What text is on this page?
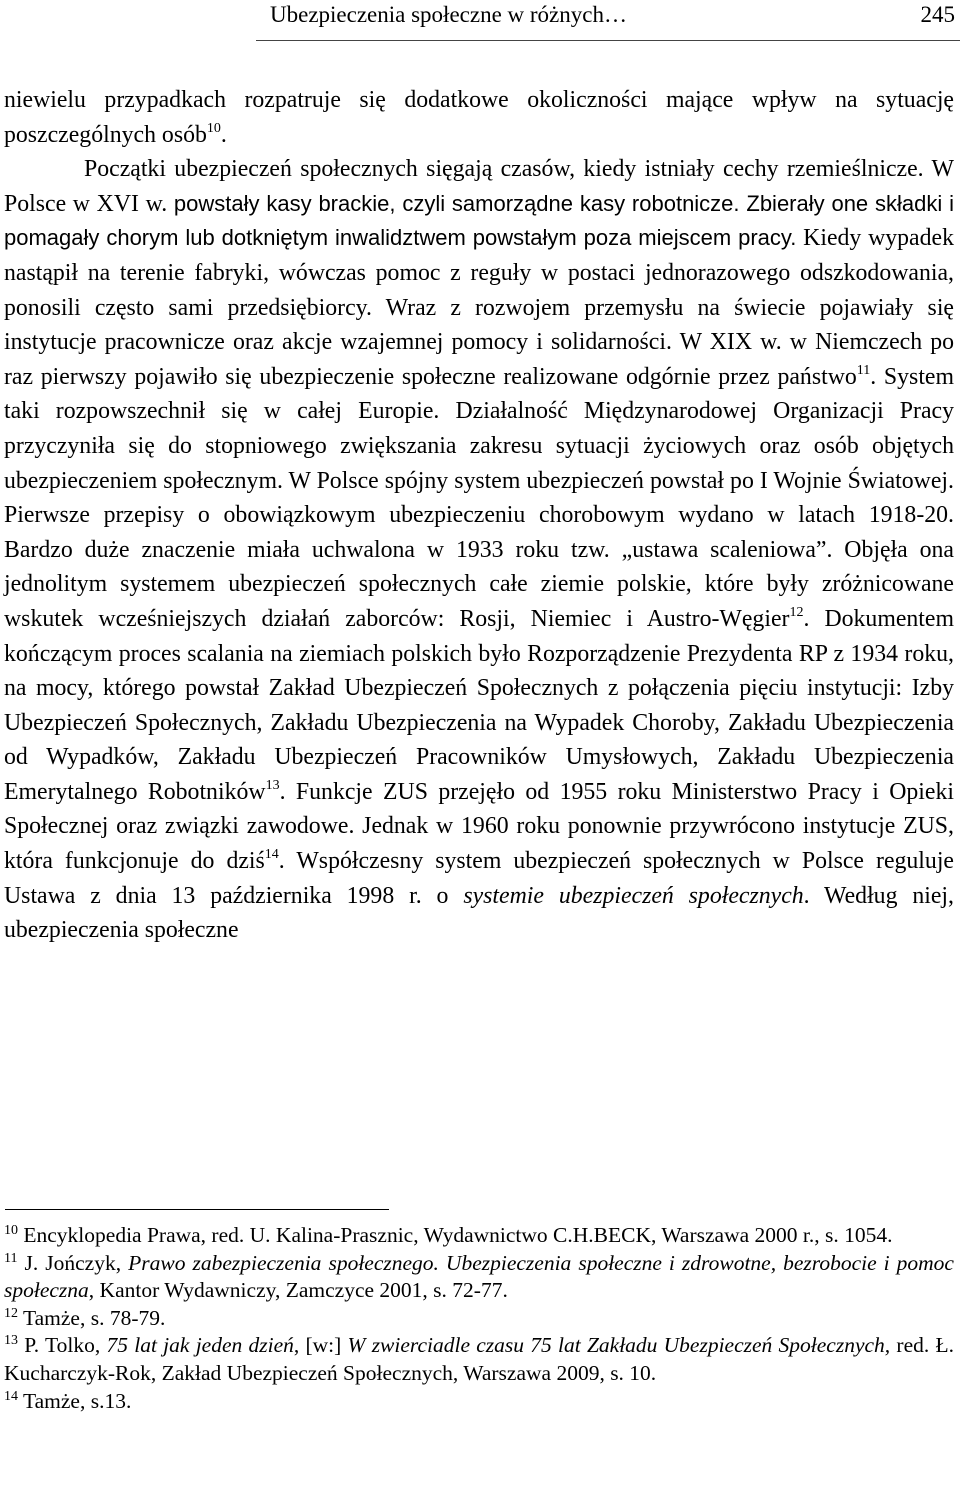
Ubezpieczenia społeczne w różnych…	245

niewielu przypadkach rozpatruje się dodatkowe okoliczności mające wpływ na sytuację poszczególnych osób$^{10}$.

Początki ubezpieczeń społecznych sięgają czasów, kiedy istniały cechy rzemieślnicze. W Polsce w XVI w. powstały kasy brackie, czyli samorządne kasy robotnicze. Zbierały one składki i pomagały chorym lub dotkniętym inwalidztwem powstałym poza miejscem pracy. Kiedy wypadek nastąpił na terenie fabryki, wówczas pomoc z reguły w postaci jednorazowego odszkodowania, ponosili często sami przedsiębiorcy. Wraz z rozwojem przemysłu na świecie pojawiały się instytucje pracownicze oraz akcje wzajemnej pomocy i solidarności. W XIX w. w Niemczech po raz pierwszy pojawiło się ubezpieczenie społeczne realizowane odgórnie przez państwo$^{11}$. System taki rozpowszechnił się w całej Europie. Działalność Międzynarodowej Organizacji Pracy przyczyniła się do stopniowego zwiększania zakresu sytuacji życiowych oraz osób objętych ubezpieczeniem społecznym. W Polsce spójny system ubezpieczeń powstał po I Wojnie Światowej. Pierwsze przepisy o obowiązkowym ubezpieczeniu chorobowym wydano w latach 1918-20. Bardzo duże znaczenie miała uchwalona w 1933 roku tzw. „ustawa scaleniowa”. Objęła ona jednolitym systemem ubezpieczeń społecznych całe ziemie polskie, które były zróżnicowane wskutek wcześniejszych działań zaborców: Rosji, Niemiec i Austro-Węgier$^{12}$. Dokumentem kończącym proces scalania na ziemiach polskich było Rozporządzenie Prezydenta RP z 1934 roku, na mocy, którego powstał Zakład Ubezpieczeń Społecznych z połączenia pięciu instytucji: Izby Ubezpieczeń Społecznych, Zakładu Ubezpieczenia na Wypadek Choroby, Zakładu Ubezpieczenia od Wypadków, Zakładu Ubezpieczeń Pracowników Umysłowych, Zakładu Ubezpieczenia Emerytalnego Robotników$^{13}$. Funkcje ZUS przejęło od 1955 roku Ministerstwo Pracy i Opieki Społecznej oraz związki zawodowe. Jednak w 1960 roku ponownie przywrócono instytucje ZUS, która funkcjonuje do dziś$^{14}$. Współczesny system ubezpieczeń społecznych w Polsce reguluje Ustawa z dnia 13 października 1998 r. o systemie ubezpieczeń społecznych. Według niej, ubezpieczenia społeczne

$^{10}$ Encyklopedia Prawa, red. U. Kalina-Prasznic, Wydawnictwo C.H.BECK, Warszawa 2000 r., s. 1054.

$^{11}$ J. Jończyk, Prawo zabezpieczenia społecznego. Ubezpieczenia społeczne i zdrowotne, bezrobocie i pomoc społeczna, Kantor Wydawniczy, Zamczyce 2001, s. 72-77.

$^{12}$ Tamże, s. 78-79.

$^{13}$ P. Tolko, 75 lat jak jeden dzień, [w:] W zwierciadle czasu 75 lat Zakładu Ubezpieczeń Społecznych, red. Ł. Kucharczyk-Rok, Zakład Ubezpieczeń Społecznych, Warszawa 2009, s. 10.

$^{14}$ Tamże, s.13.
